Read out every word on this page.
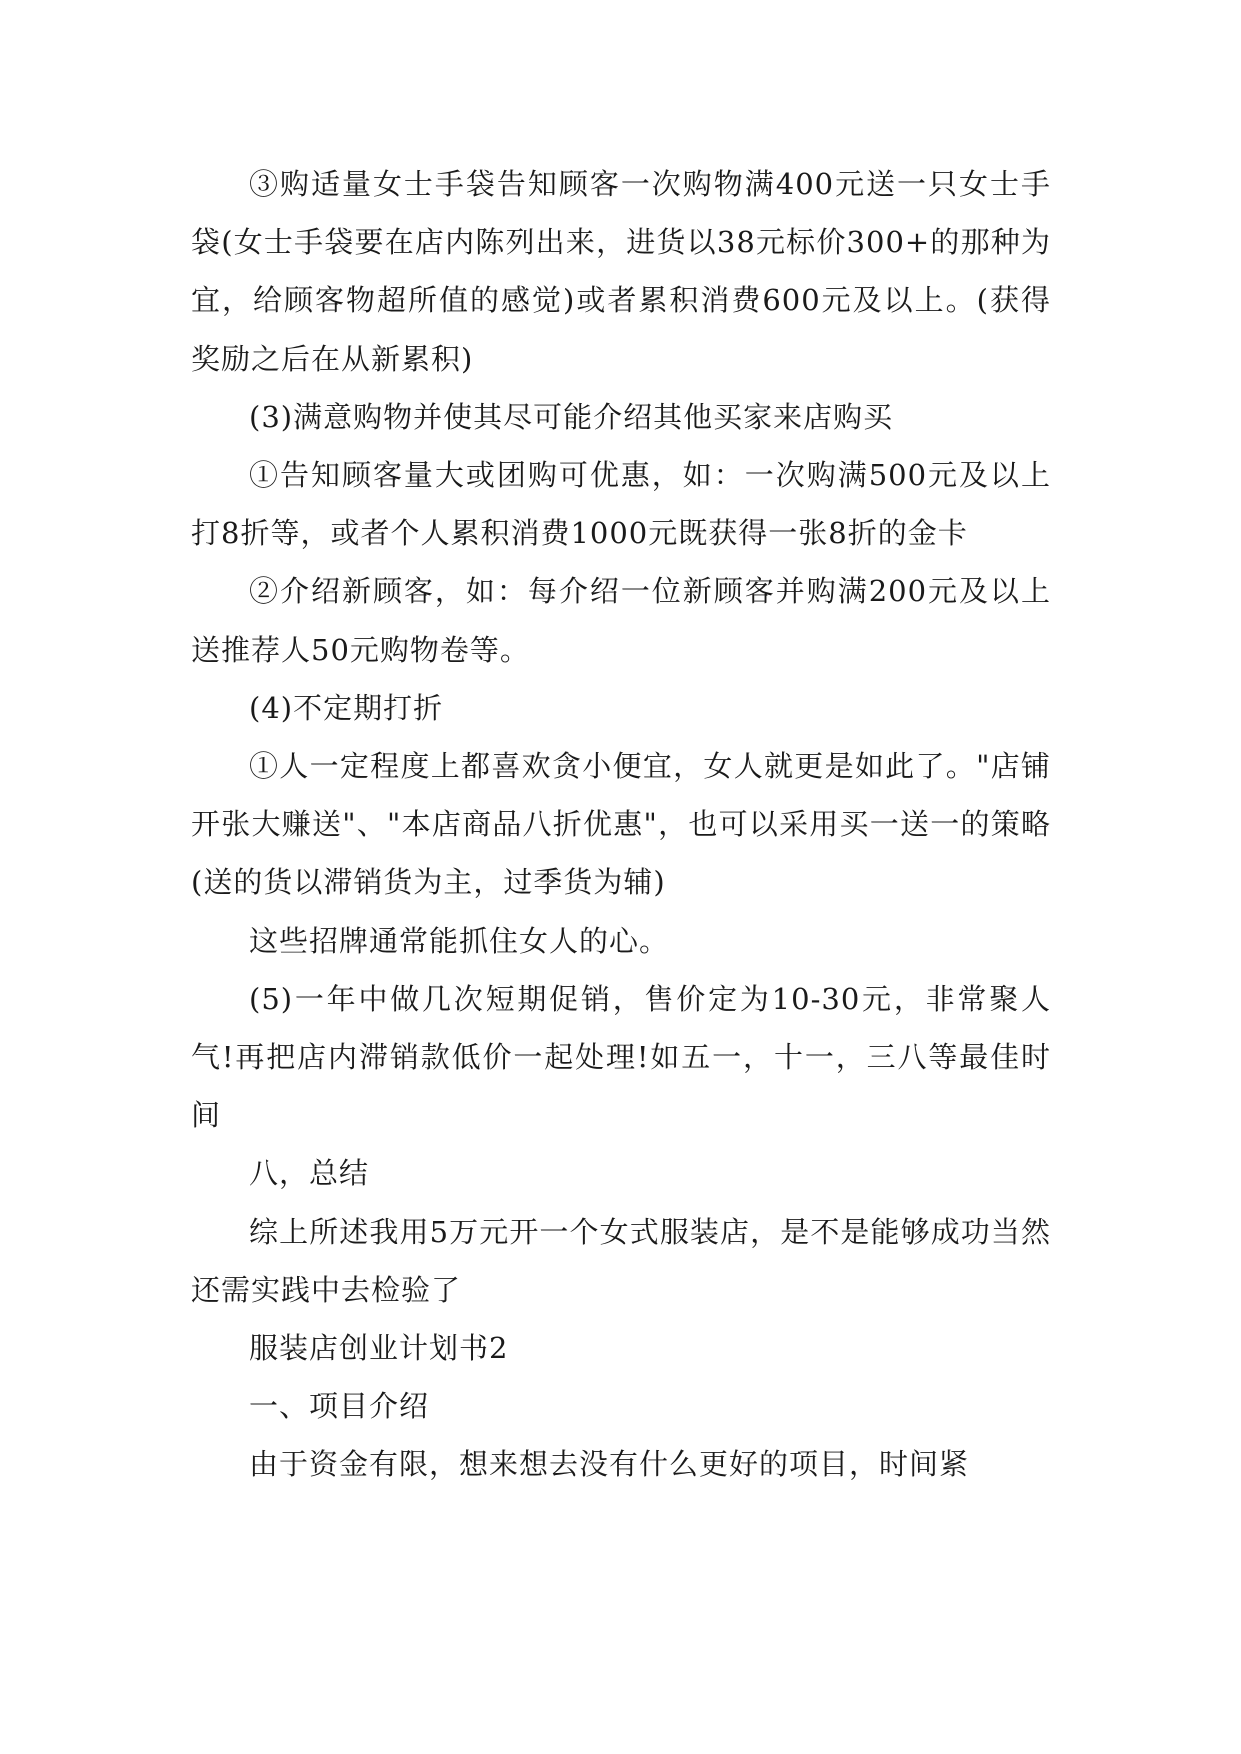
③购适量女士手袋告知顾客一次购物满400元送一只女士手袋(女士手袋要在店内陈列出来，进货以38元标价300+的那种为宜，给顾客物超所值的感觉)或者累积消费600元及以上。(获得奖励之后在从新累积)

(3)满意购物并使其尽可能介绍其他买家来店购买

①告知顾客量大或团购可优惠，如：一次购满500元及以上打8折等，或者个人累积消费1000元既获得一张8折的金卡

②介绍新顾客，如：每介绍一位新顾客并购满200元及以上送推荐人50元购物卷等。

(4)不定期打折

①人一定程度上都喜欢贪小便宜，女人就更是如此了。"店铺开张大赚送"、"本店商品八折优惠"，也可以采用买一送一的策略(送的货以滞销货为主，过季货为辅)

这些招牌通常能抓住女人的心。

(5)一年中做几次短期促销，售价定为10-30元，非常聚人气!再把店内滞销款低价一起处理!如五一，十一，三八等最佳时间

八，总结

综上所述我用5万元开一个女式服装店，是不是能够成功当然还需实践中去检验了

服装店创业计划书2

一、项目介绍

由于资金有限，想来想去没有什么更好的项目，时间紧
